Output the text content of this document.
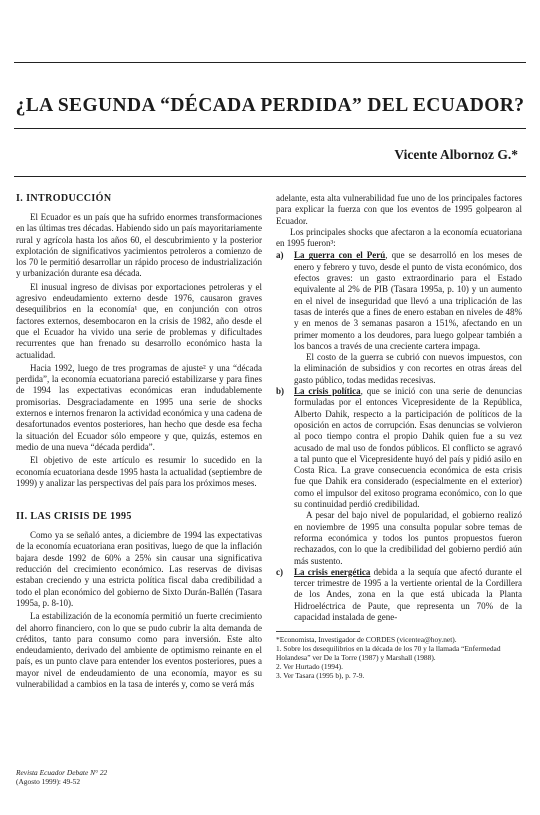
¿LA SEGUNDA “DÉCADA PERDIDA” DEL ECUADOR?

Vicente Albornoz G.*

I. INTRODUCCIÓN

El Ecuador es un país que ha sufrido enormes transformaciones en las últimas tres décadas. Habiendo sido un país mayoritariamente rural y agrícola hasta los años 60, el descubrimiento y la posterior explotación de significativos yacimientos petroleros a comienzo de los 70 le permitió desarrollar un rápido proceso de industrialización y urbanización durante esa década.

El inusual ingreso de divisas por exportaciones petroleras y el agresivo endeudamiento externo desde 1976, causaron graves desequilibrios en la economía¹ que, en conjunción con otros factores externos, desembocaron en la crisis de 1982, año desde el que el Ecuador ha vivido una serie de problemas y dificultades recurrentes que han frenado su desarrollo económico hasta la actualidad.

Hacia 1992, luego de tres programas de ajuste² y una “década perdida”, la economía ecuatoriana pareció estabilizarse y para fines de 1994 las expectativas económicas eran indudablemente promisorias. Desgraciadamente en 1995 una serie de shocks externos e internos frenaron la actividad económica y una cadena de desafortunados eventos posteriores, han hecho que desde esa fecha la situación del Ecuador sólo empeore y que, quizás, estemos en medio de una nueva “década perdida”.

El objetivo de este artículo es resumir lo sucedido en la economía ecuatoriana desde 1995 hasta la actualidad (septiembre de 1999) y analizar las perspectivas del país para los próximos meses.

II. LAS CRISIS DE 1995

Como ya se señaló antes, a diciembre de 1994 las expectativas de la economía ecuatoriana eran positivas, luego de que la inflación bajara desde 1992 de 60% a 25% sin causar una significativa reducción del crecimiento económico. Las reservas de divisas estaban creciendo y una estricta política fiscal daba credibilidad a todo el plan económico del gobierno de Sixto Durán-Ballén (Tasara 1995a, p. 8-10).

La estabilización de la economía permitió un fuerte crecimiento del ahorro financiero, con lo que se pudo cubrir la alta demanda de créditos, tanto para consumo como para inversión. Este alto endeudamiento, derivado del ambiente de optimismo reinante en el país, es un punto clave para entender los eventos posteriores, pues a mayor nivel de endeudamiento de una economía, mayor es su vulnerabilidad a cambios en la tasa de interés y, como se verá más

adelante, esta alta vulnerabilidad fue uno de los principales factores para explicar la fuerza con que los eventos de 1995 golpearon al Ecuador.

Los principales shocks que afectaron a la economía ecuatoriana en 1995 fueron³:

a) La guerra con el Perú, que se desarrolló en los meses de enero y febrero y tuvo, desde el punto de vista económico, dos efectos graves: un gasto extraordinario para el Estado equivalente al 2% de PIB (Tasara 1995a, p. 10) y un aumento en el nivel de inseguridad que llevó a una triplicación de las tasas de interés que a fines de enero estaban en niveles de 48% y en menos de 3 semanas pasaron a 151%, afectando en un primer momento a los deudores, para luego golpear también a los bancos a través de una creciente cartera impaga.
El costo de la guerra se cubrió con nuevos impuestos, con la eliminación de subsidios y con recortes en otras áreas del gasto público, todas medidas recesivas.
b) La crisis política, que se inició con una serie de denuncias formuladas por el entonces Vicepresidente de la República, Alberto Dahik, respecto a la participación de políticos de la oposición en actos de corrupción. Esas denuncias se volvieron al poco tiempo contra el propio Dahik quien fue a su vez acusado de mal uso de fondos públicos. El conflicto se agravó a tal punto que el Vicepresidente huyó del país y pidió asilo en Costa Rica. La grave consecuencia económica de esta crisis fue que Dahik era considerado (especialmente en el exterior) como el impulsor del exitoso programa económico, con lo que su continuidad perdió credibilidad.
A pesar del bajo nivel de popularidad, el gobierno realizó en noviembre de 1995 una consulta popular sobre temas de reforma económica y todos los puntos propuestos fueron rechazados, con lo que la credibilidad del gobierno perdió aún más sustento.
c) La crisis energética debida a la sequía que afectó durante el tercer trimestre de 1995 a la vertiente oriental de la Cordillera de los Andes, zona en la que está ubicada la Planta Hidroeléctrica de Paute, que representa un 70% de la capacidad instalada de gene-

*Economista, Investigador de CORDES (vicentea@hoy.net).

1. Sobre los desequilibrios en la década de los 70 y la llamada “Enfermedad Holandesa” ver De la Torre (1987) y Marshall (1988).

2. Ver Hurtado (1994).

3. Ver Tasara (1995 b), p. 7-9.

Revista Ecuador Debate N° 22
(Agosto 1999): 49-52
